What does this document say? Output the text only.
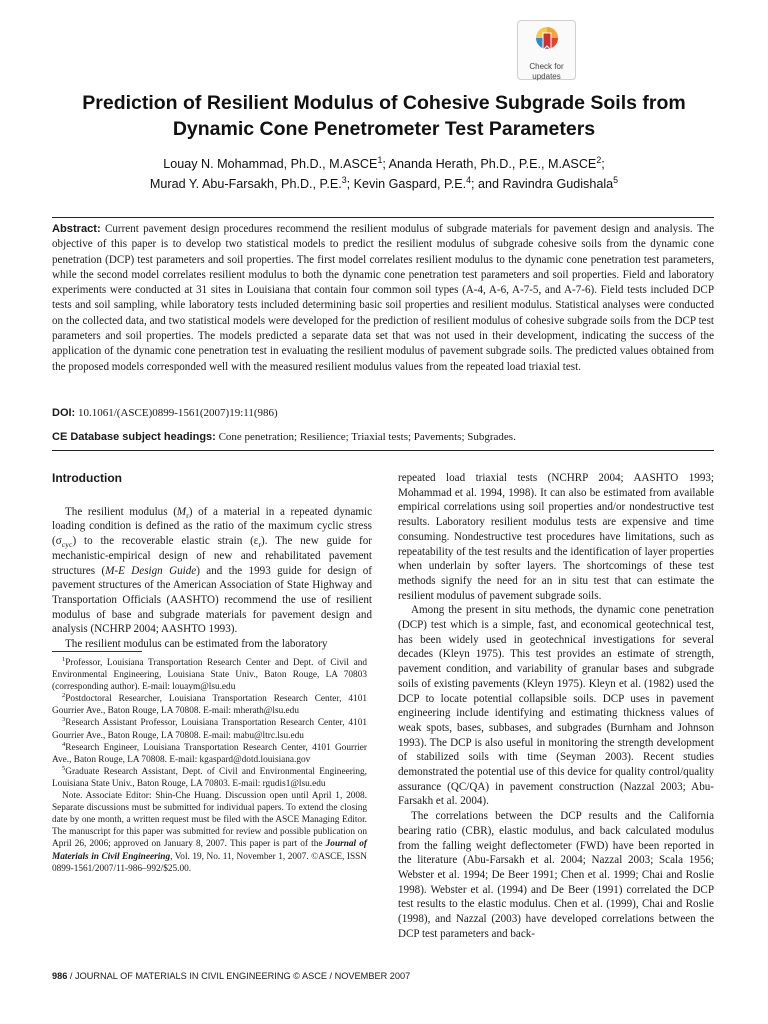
Check for
updates
Prediction of Resilient Modulus of Cohesive Subgrade Soils from Dynamic Cone Penetrometer Test Parameters
Louay N. Mohammad, Ph.D., M.ASCE$^1$; Ananda Herath, Ph.D., P.E., M.ASCE$^2$;
Murad Y. Abu-Farsakh, Ph.D., P.E.$^3$; Kevin Gaspard, P.E.$^4$; and Ravindra Gudishala$^5$
Abstract: Current pavement design procedures recommend the resilient modulus of subgrade materials for pavement design and analysis. The objective of this paper is to develop two statistical models to predict the resilient modulus of subgrade cohesive soils from the dynamic cone penetration (DCP) test parameters and soil properties. The first model correlates resilient modulus to the dynamic cone penetration test parameters, while the second model correlates resilient modulus to both the dynamic cone penetration test parameters and soil properties. Field and laboratory experiments were conducted at 31 sites in Louisiana that contain four common soil types (A-4, A-6, A-7-5, and A-7-6). Field tests included DCP tests and soil sampling, while laboratory tests included determining basic soil properties and resilient modulus. Statistical analyses were conducted on the collected data, and two statistical models were developed for the prediction of resilient modulus of cohesive subgrade soils from the DCP test parameters and soil properties. The models predicted a separate data set that was not used in their development, indicating the success of the application of the dynamic cone penetration test in evaluating the resilient modulus of pavement subgrade soils. The predicted values obtained from the proposed models corresponded well with the measured resilient modulus values from the repeated load triaxial test.
DOI: 10.1061/(ASCE)0899-1561(2007)19:11(986)
CE Database subject headings: Cone penetration; Resilience; Triaxial tests; Pavements; Subgrades.

Introduction

The resilient modulus $(M_r)$ of a material in a repeated dynamic loading condition is defined as the ratio of the maximum cyclic stress $(\sigma_{cyc})$ to the recoverable elastic strain $(\varepsilon_r)$. The new guide for mechanistic-empirical design of new and rehabilitated pavement structures (M-E Design Guide) and the 1993 guide for design of pavement structures of the American Association of State Highway and Transportation Officials (AASHTO) recommend the use of resilient modulus of base and subgrade materials for pavement design and analysis (NCHRP 2004; AASHTO 1993).

The resilient modulus can be estimated from the laboratory

$^1$Professor, Louisiana Transportation Research Center and Dept. of Civil and Environmental Engineering, Louisiana State Univ., Baton Rouge, LA 70803 (corresponding author). E-mail: louaym@lsu.edu

$^2$Postdoctoral Researcher, Louisiana Transportation Research Center, 4101 Gourrier Ave., Baton Rouge, LA 70808. E-mail: mherath@lsu.edu

$^3$Research Assistant Professor, Louisiana Transportation Research Center, 4101 Gourrier Ave., Baton Rouge, LA 70808. E-mail: mabu@ltrc.lsu.edu

$^4$Research Engineer, Louisiana Transportation Research Center, 4101 Gourrier Ave., Baton Rouge, LA 70808. E-mail: kgaspard@dotd.louisiana.gov

$^5$Graduate Research Assistant, Dept. of Civil and Environmental Engineering, Louisiana State Univ., Baton Rouge, LA 70803. E-mail: rgudis1@lsu.edu

Note. Associate Editor: Shin-Che Huang. Discussion open until April 1, 2008. Separate discussions must be submitted for individual papers. To extend the closing date by one month, a written request must be filed with the ASCE Managing Editor. The manuscript for this paper was submitted for review and possible publication on April 26, 2006; approved on January 8, 2007. This paper is part of the Journal of Materials in Civil Engineering, Vol. 19, No. 11, November 1, 2007. ©ASCE, ISSN 0899-1561/2007/11-986–992/$25.00.

repeated load triaxial tests (NCHRP 2004; AASHTO 1993; Mohammad et al. 1994, 1998). It can also be estimated from available empirical correlations using soil properties and/or nondestructive test results. Laboratory resilient modulus tests are expensive and time consuming. Nondestructive test procedures have limitations, such as repeatability of the test results and the identification of layer properties when underlain by softer layers. The shortcomings of these test methods signify the need for an in situ test that can estimate the resilient modulus of pavement subgrade soils.

Among the present in situ methods, the dynamic cone penetration (DCP) test which is a simple, fast, and economical geotechnical test, has been widely used in geotechnical investigations for several decades (Kleyn 1975). This test provides an estimate of strength, pavement condition, and variability of granular bases and subgrade soils of existing pavements (Kleyn 1975). Kleyn et al. (1982) used the DCP to locate potential collapsible soils. DCP uses in pavement engineering include identifying and estimating thickness values of weak spots, bases, subbases, and subgrades (Burnham and Johnson 1993). The DCP is also useful in monitoring the strength development of stabilized soils with time (Seyman 2003). Recent studies demonstrated the potential use of this device for quality control/quality assurance (QC/QA) in pavement construction (Nazzal 2003; Abu-Farsakh et al. 2004).

The correlations between the DCP results and the California bearing ratio (CBR), elastic modulus, and back calculated modulus from the falling weight deflectometer (FWD) have been reported in the literature (Abu-Farsakh et al. 2004; Nazzal 2003; Scala 1956; Webster et al. 1994; De Beer 1991; Chen et al. 1999; Chai and Roslie 1998). Webster et al. (1994) and De Beer (1991) correlated the DCP test results to the elastic modulus. Chen et al. (1999), Chai and Roslie (1998), and Nazzal (2003) have developed correlations between the DCP test parameters and back-

986 / JOURNAL OF MATERIALS IN CIVIL ENGINEERING © ASCE / NOVEMBER 2007
